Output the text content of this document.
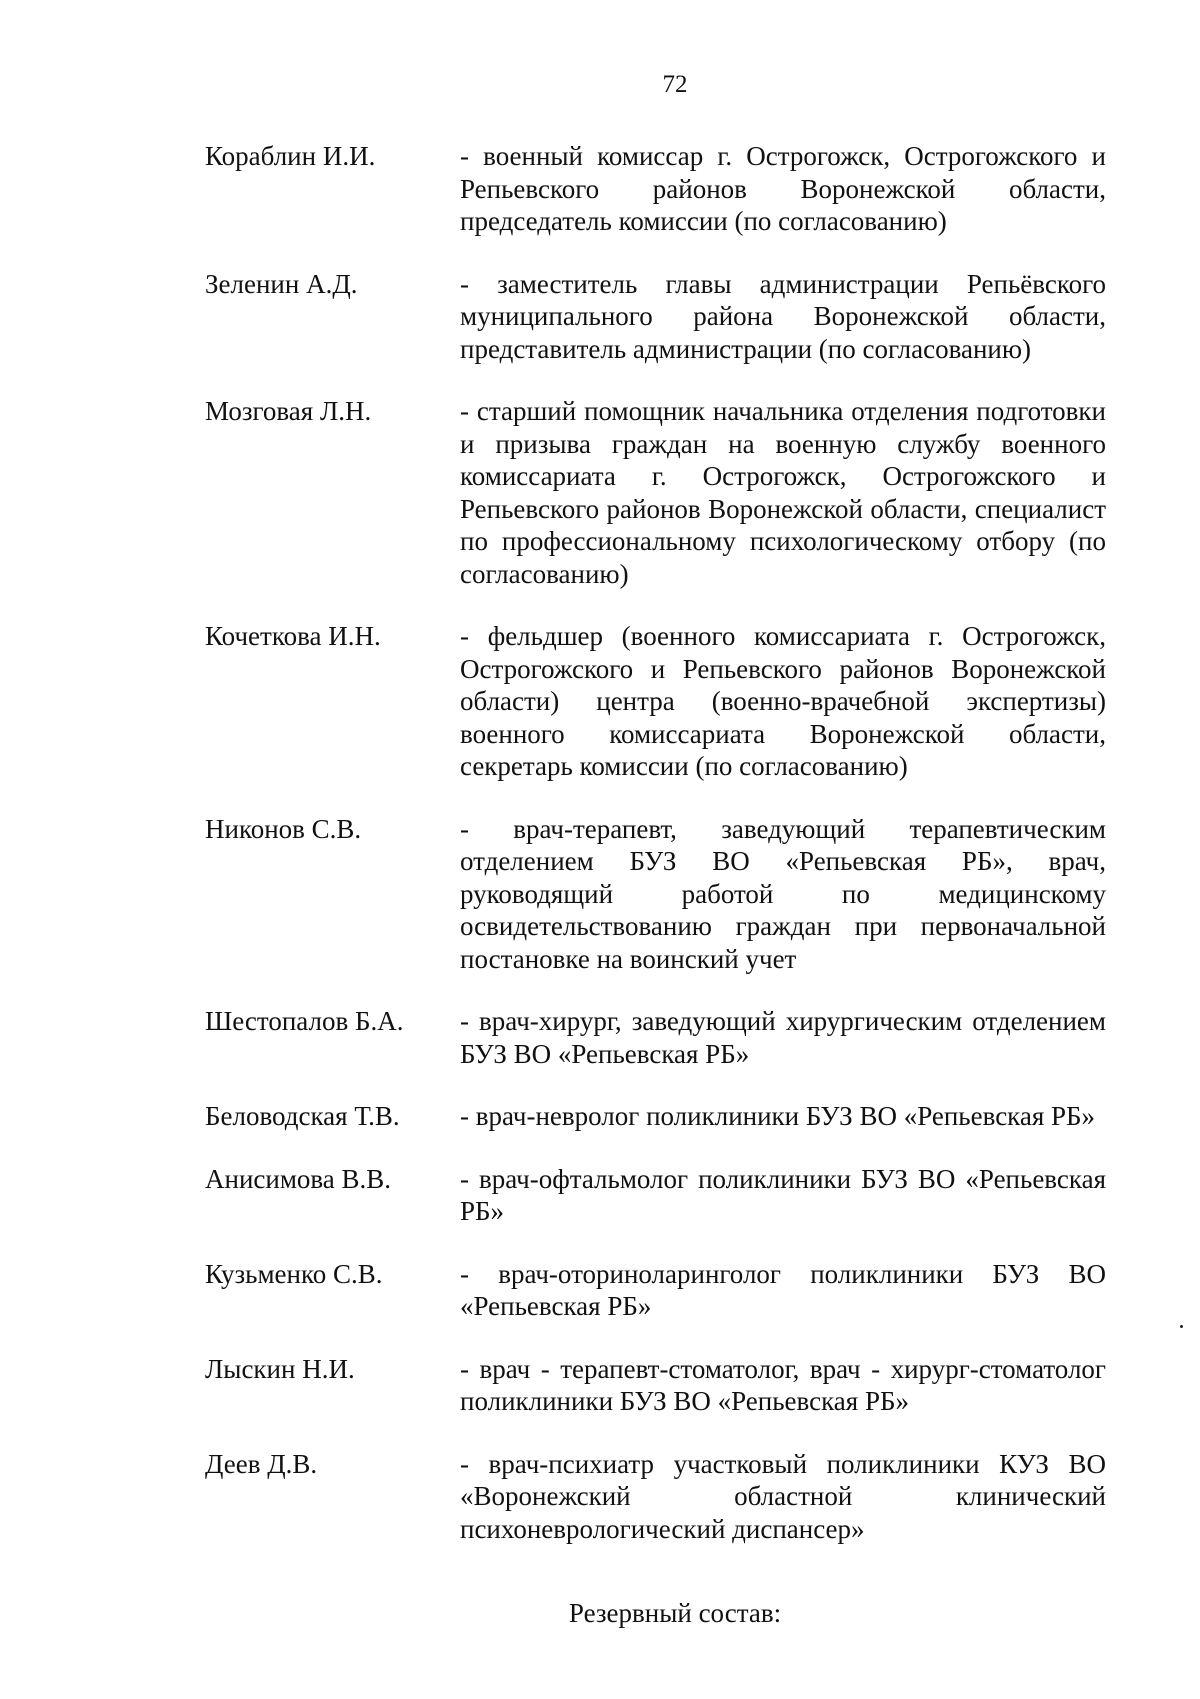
72
Кораблин И.И.	- военный комиссар г. Острогожск, Острогожского и Репьевского районов Воронежской области, председатель комиссии (по согласованию)
Зеленин А.Д.	- заместитель главы администрации Репьёвского муниципального района Воронежской области, представитель администрации (по согласованию)
Мозговая Л.Н.	- старший помощник начальника отделения подготовки и призыва граждан на военную службу военного комиссариата г. Острогожск, Острогожского и Репьевского районов Воронежской области, специалист по профессиональному психологическому отбору (по согласованию)
Кочеткова И.Н.	- фельдшер (военного комиссариата г. Острогожск, Острогожского и Репьевского районов Воронежской области) центра (военно-врачебной экспертизы) военного комиссариата Воронежской области, секретарь комиссии (по согласованию)
Никонов С.В.	- врач-терапевт, заведующий терапевтическим отделением БУЗ ВО «Репьевская РБ», врач, руководящий работой по медицинскому освидетельствованию граждан при первоначальной постановке на воинский учет
Шестопалов Б.А. - врач-хирург, заведующий хирургическим отделением БУЗ ВО «Репьевская РБ»
Беловодская Т.В. - врач-невролог поликлиники БУЗ ВО «Репьевская РБ»
Анисимова В.В.	- врач-офтальмолог поликлиники БУЗ ВО «Репьевская РБ»
Кузьменко С.В.	- врач-оториноларинголог поликлиники БУЗ ВО «Репьевская РБ»
Лыскин Н.И.	- врач - терапевт-стоматолог, врач - хирург-стоматолог поликлиники БУЗ ВО «Репьевская РБ»
Деев Д.В.	- врач-психиатр участковый поликлиники КУЗ ВО «Воронежский областной клинический психоневрологический диспансер»
Резервный состав:
